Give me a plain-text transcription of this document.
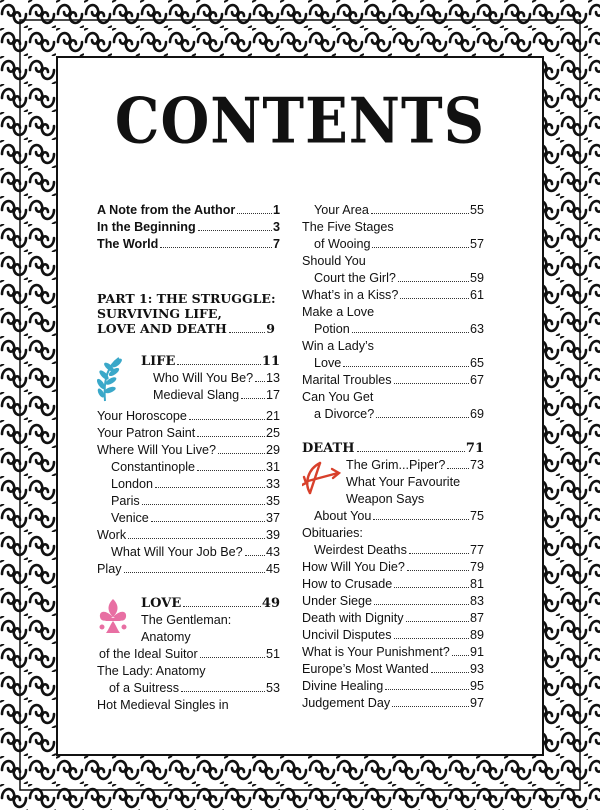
CONTENTS
A Note from the Author	1
In the Beginning	3
The World	7
PART 1: THE STRUGGLE:
SURVIVING LIFE,
LOVE AND DEATH	9
LIFE	11
Who Will You Be? 13
Medieval Slang 17
Your Horoscope	21
Your Patron Saint	25
Where Will You Live?	29
Constantinople	31
London	33
Paris	35
Venice	37
Work	39
What Will Your Job Be? 43
Play	45
LOVE	49
The Gentleman:
Anatomy
of the Ideal Suitor	51
The Lady: Anatomy
of a Suitress	53
Hot Medieval Singles in
Your Area	55
The Five Stages
of Wooing	57
Should You
Court the Girl?	59
What’s in a Kiss?	61
Make a Love
Potion	63
Win a Lady’s
Love	65
Marital Troubles	67
Can You Get
a Divorce?	69
DEATH	71
The Grim...Piper? 73
What Your Favourite
Weapon Says
About You	75
Obituaries:
Weirdest Deaths	77
How Will You Die?	79
How to Crusade	81
Under Siege	83
Death with Dignity	87
Uncivil Disputes	89
What is Your Punishment? 91
Europe’s Most Wanted	93
Divine Healing	95
Judgement Day	97
